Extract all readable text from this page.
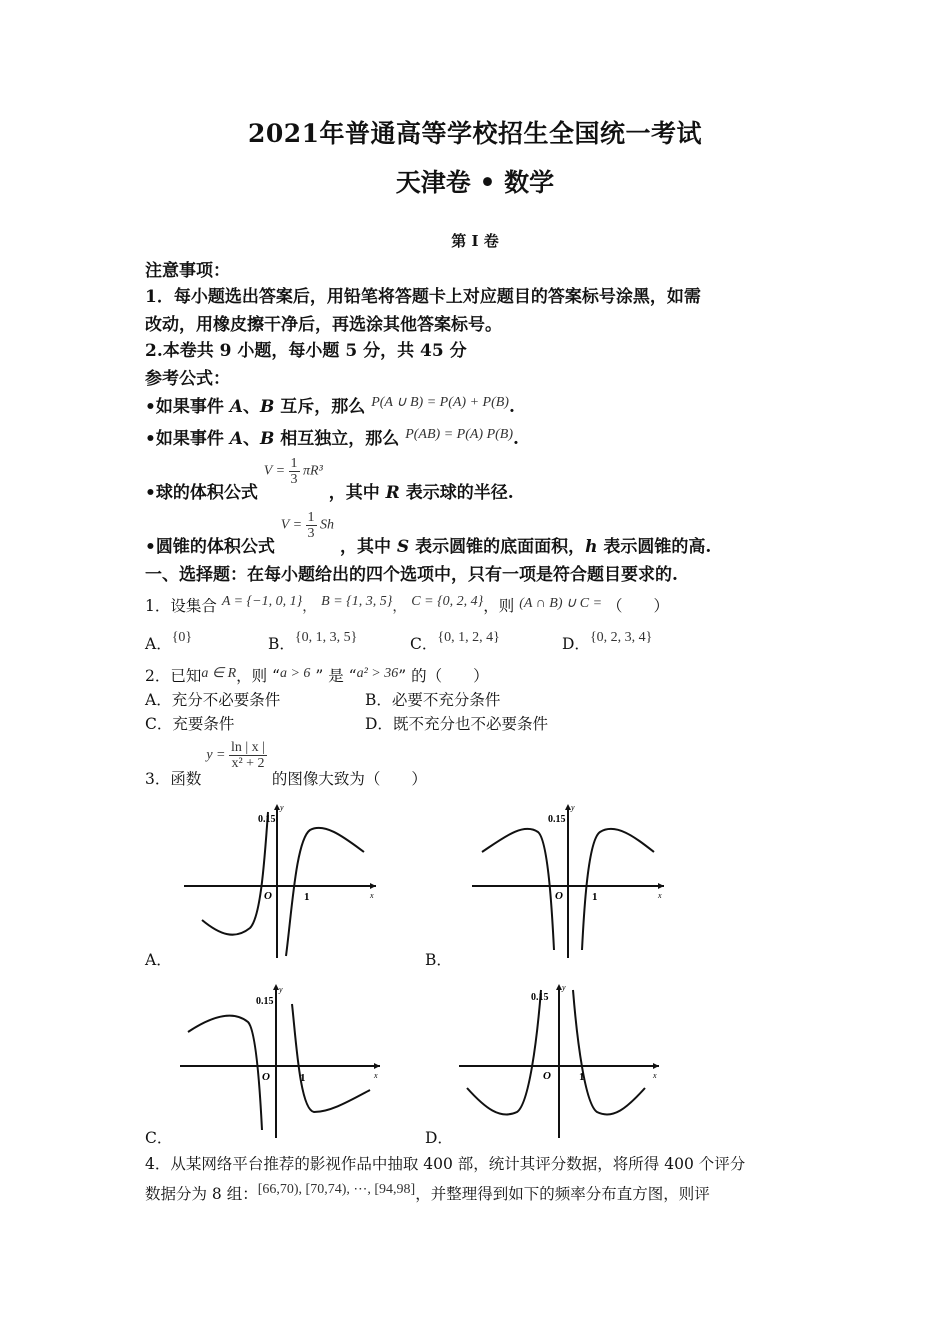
2021年普通高等学校招生全国统一考试
天津卷 • 数学
第 I 卷
注意事项：
1．每小题选出答案后，用铅笔将答题卡上对应题目的答案标号涂黑，如需
改动，用橡皮擦干净后，再选涂其他答案标号。
2.本卷共 9 小题，每小题 5 分，共 45 分
参考公式：
•如果事件 A、B 互斥，那么 $^{P(A \cup B) = P(A) + P(B)}$.
•如果事件 A、B 相互独立，那么 $^{P(AB) = P(A) P(B)}$.
•球的体积公式 $V = \frac{1}{3} \pi R^3$ ，其中 R 表示球的半径.
•圆锥的体积公式 $V = \frac{1}{3}$ Sh ，其中 S 表示圆锥的底面面积，h 表示圆锥的高.
一、选择题：在每小题给出的四个选项中，只有一项是符合题目要求的.
1．设集合 A = {−1, 0, 1}， B = {1, 3, 5}， C = {0, 2, 4}，则 (A ∩ B) ∪ C = （　　）
A．{0}	B．{0, 1, 3, 5}	C．{0, 1, 2, 4}	D．{0, 2, 3, 4}
2．已知a ∈ R，则 “a > 6 ” 是 “a² > 36” 的（　　）
A．充分不必要条件	B．必要不充分条件
C．充要条件	D．既不充分也不必要条件
3．函数 $y = \frac{\ln | x |}{\text{x² + 2}}$
的图像大致为（　　）
0.15
y
x
O	1
A．
0.15
y
x
O	1
B．
0.15
y
x
O	1
C．
0.15
y
x
O	1
D．
4．从某网络平台推荐的影视作品中抽取 400 部，统计其评分数据，将所得 400 个评分
数据分为 8 组：[66,70), [70,74), ⋯, [94,98]，并整理得到如下的频率分布直方图，则评
